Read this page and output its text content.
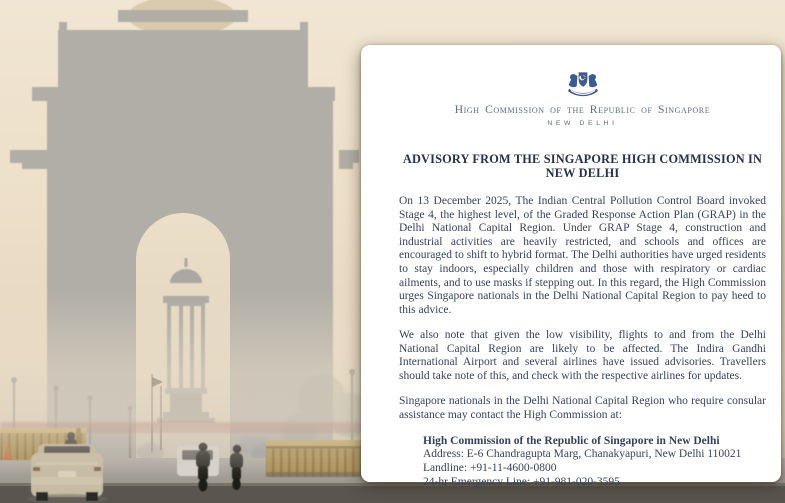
High Commission of the Republic of Singapore
NEW DELHI
ADVISORY FROM THE SINGAPORE HIGH COMMISSION IN NEW DELHI

On 13 December 2025, The Indian Central Pollution Control Board invoked Stage 4, the highest level, of the Graded Response Action Plan (GRAP) in the Delhi National Capital Region. Under GRAP Stage 4, construction and industrial activities are heavily restricted, and schools and offices are encouraged to shift to hybrid format. The Delhi authorities have urged residents to stay indoors, especially children and those with respiratory or cardiac ailments, and to use masks if stepping out. In this regard, the High Commission urges Singapore nationals in the Delhi National Capital Region to pay heed to this advice.

We also note that given the low visibility, flights to and from the Delhi National Capital Region are likely to be affected. The Indira Gandhi International Airport and several airlines have issued advisories. Travellers should take note of this, and check with the respective airlines for updates.

Singapore nationals in the Delhi National Capital Region who require consular assistance may contact the High Commission at:

High Commission of the Republic of Singapore in New Delhi
Address: E-6 Chandragupta Marg, Chanakyapuri, New Delhi 110021
Landline: +91-11-4600-0800
24-hr Emergency Line: +91-981-020-3595
